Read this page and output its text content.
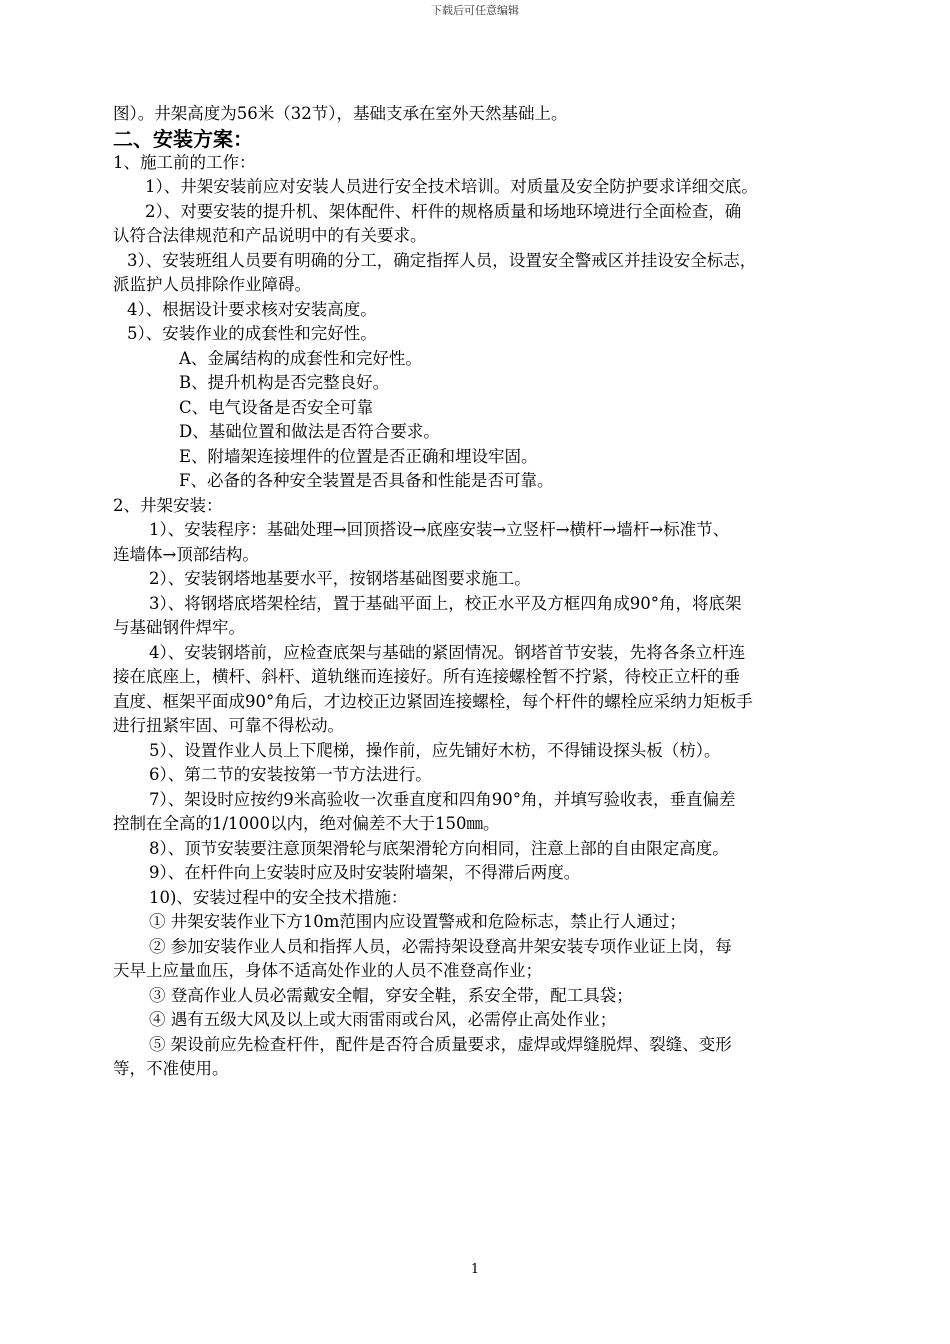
下载后可任意编辑
图）。井架高度为56米（32节），基础支承在室外天然基础上。
二、安装方案：
1、施工前的工作：
1）、井架安装前应对安装人员进行安全技术培训。对质量及安全防护要求详细交底。
2）、对要安装的提升机、架体配件、杆件的规格质量和场地环境进行全面检查，确
认符合法律规范和产品说明中的有关要求。
3）、安装班组人员要有明确的分工，确定指挥人员，设置安全警戒区并挂设安全标志，
派监护人员排除作业障碍。
4）、根据设计要求核对安装高度。
5）、安装作业的成套性和完好性。
A、金属结构的成套性和完好性。
B、提升机构是否完整良好。
C、电气设备是否安全可靠
D、基础位置和做法是否符合要求。
E、附墙架连接埋件的位置是否正确和埋设牢固。
F、必备的各种安全装置是否具备和性能是否可靠。
2、井架安装：
1）、安装程序：基础处理→回顶搭设→底座安装→立竖杆→横杆→墙杆→标准节、
连墙体→顶部结构。
2）、安装钢塔地基要水平，按钢塔基础图要求施工。
3）、将钢塔底塔架栓结，置于基础平面上，校正水平及方框四角成90°角，将底架
与基础钢件焊牢。
4）、安装钢塔前，应检查底架与基础的紧固情况。钢塔首节安装，先将各条立杆连
接在底座上，横杆、斜杆、道轨继而连接好。所有连接螺栓暂不拧紧，待校正立杆的垂
直度、框架平面成90°角后，才边校正边紧固连接螺栓，每个杆件的螺栓应采纳力矩板手
进行扭紧牢固、可靠不得松动。
5）、设置作业人员上下爬梯，操作前，应先铺好木枋，不得铺设探头板（枋）。
6）、第二节的安装按第一节方法进行。
7）、架设时应按约9米高验收一次垂直度和四角90°角，并填写验收表，垂直偏差
控制在全高的1/1000以内，绝对偏差不大于150㎜。
8）、顶节安装要注意顶架滑轮与底架滑轮方向相同，注意上部的自由限定高度。
9）、在杆件向上安装时应及时安装附墙架，不得滞后两度。
10)、安装过程中的安全技术措施：
① 井架安装作业下方10m范围内应设置警戒和危险标志，禁止行人通过；
② 参加安装作业人员和指挥人员，必需持架设登高井架安装专项作业证上岗，每
天早上应量血压，身体不适高处作业的人员不准登高作业；
③ 登高作业人员必需戴安全帽，穿安全鞋，系安全带，配工具袋；
④ 遇有五级大风及以上或大雨雷雨或台风，必需停止高处作业；
⑤ 架设前应先检查杆件，配件是否符合质量要求，虚焊或焊缝脱焊、裂缝、变形
等，不准使用。
1
